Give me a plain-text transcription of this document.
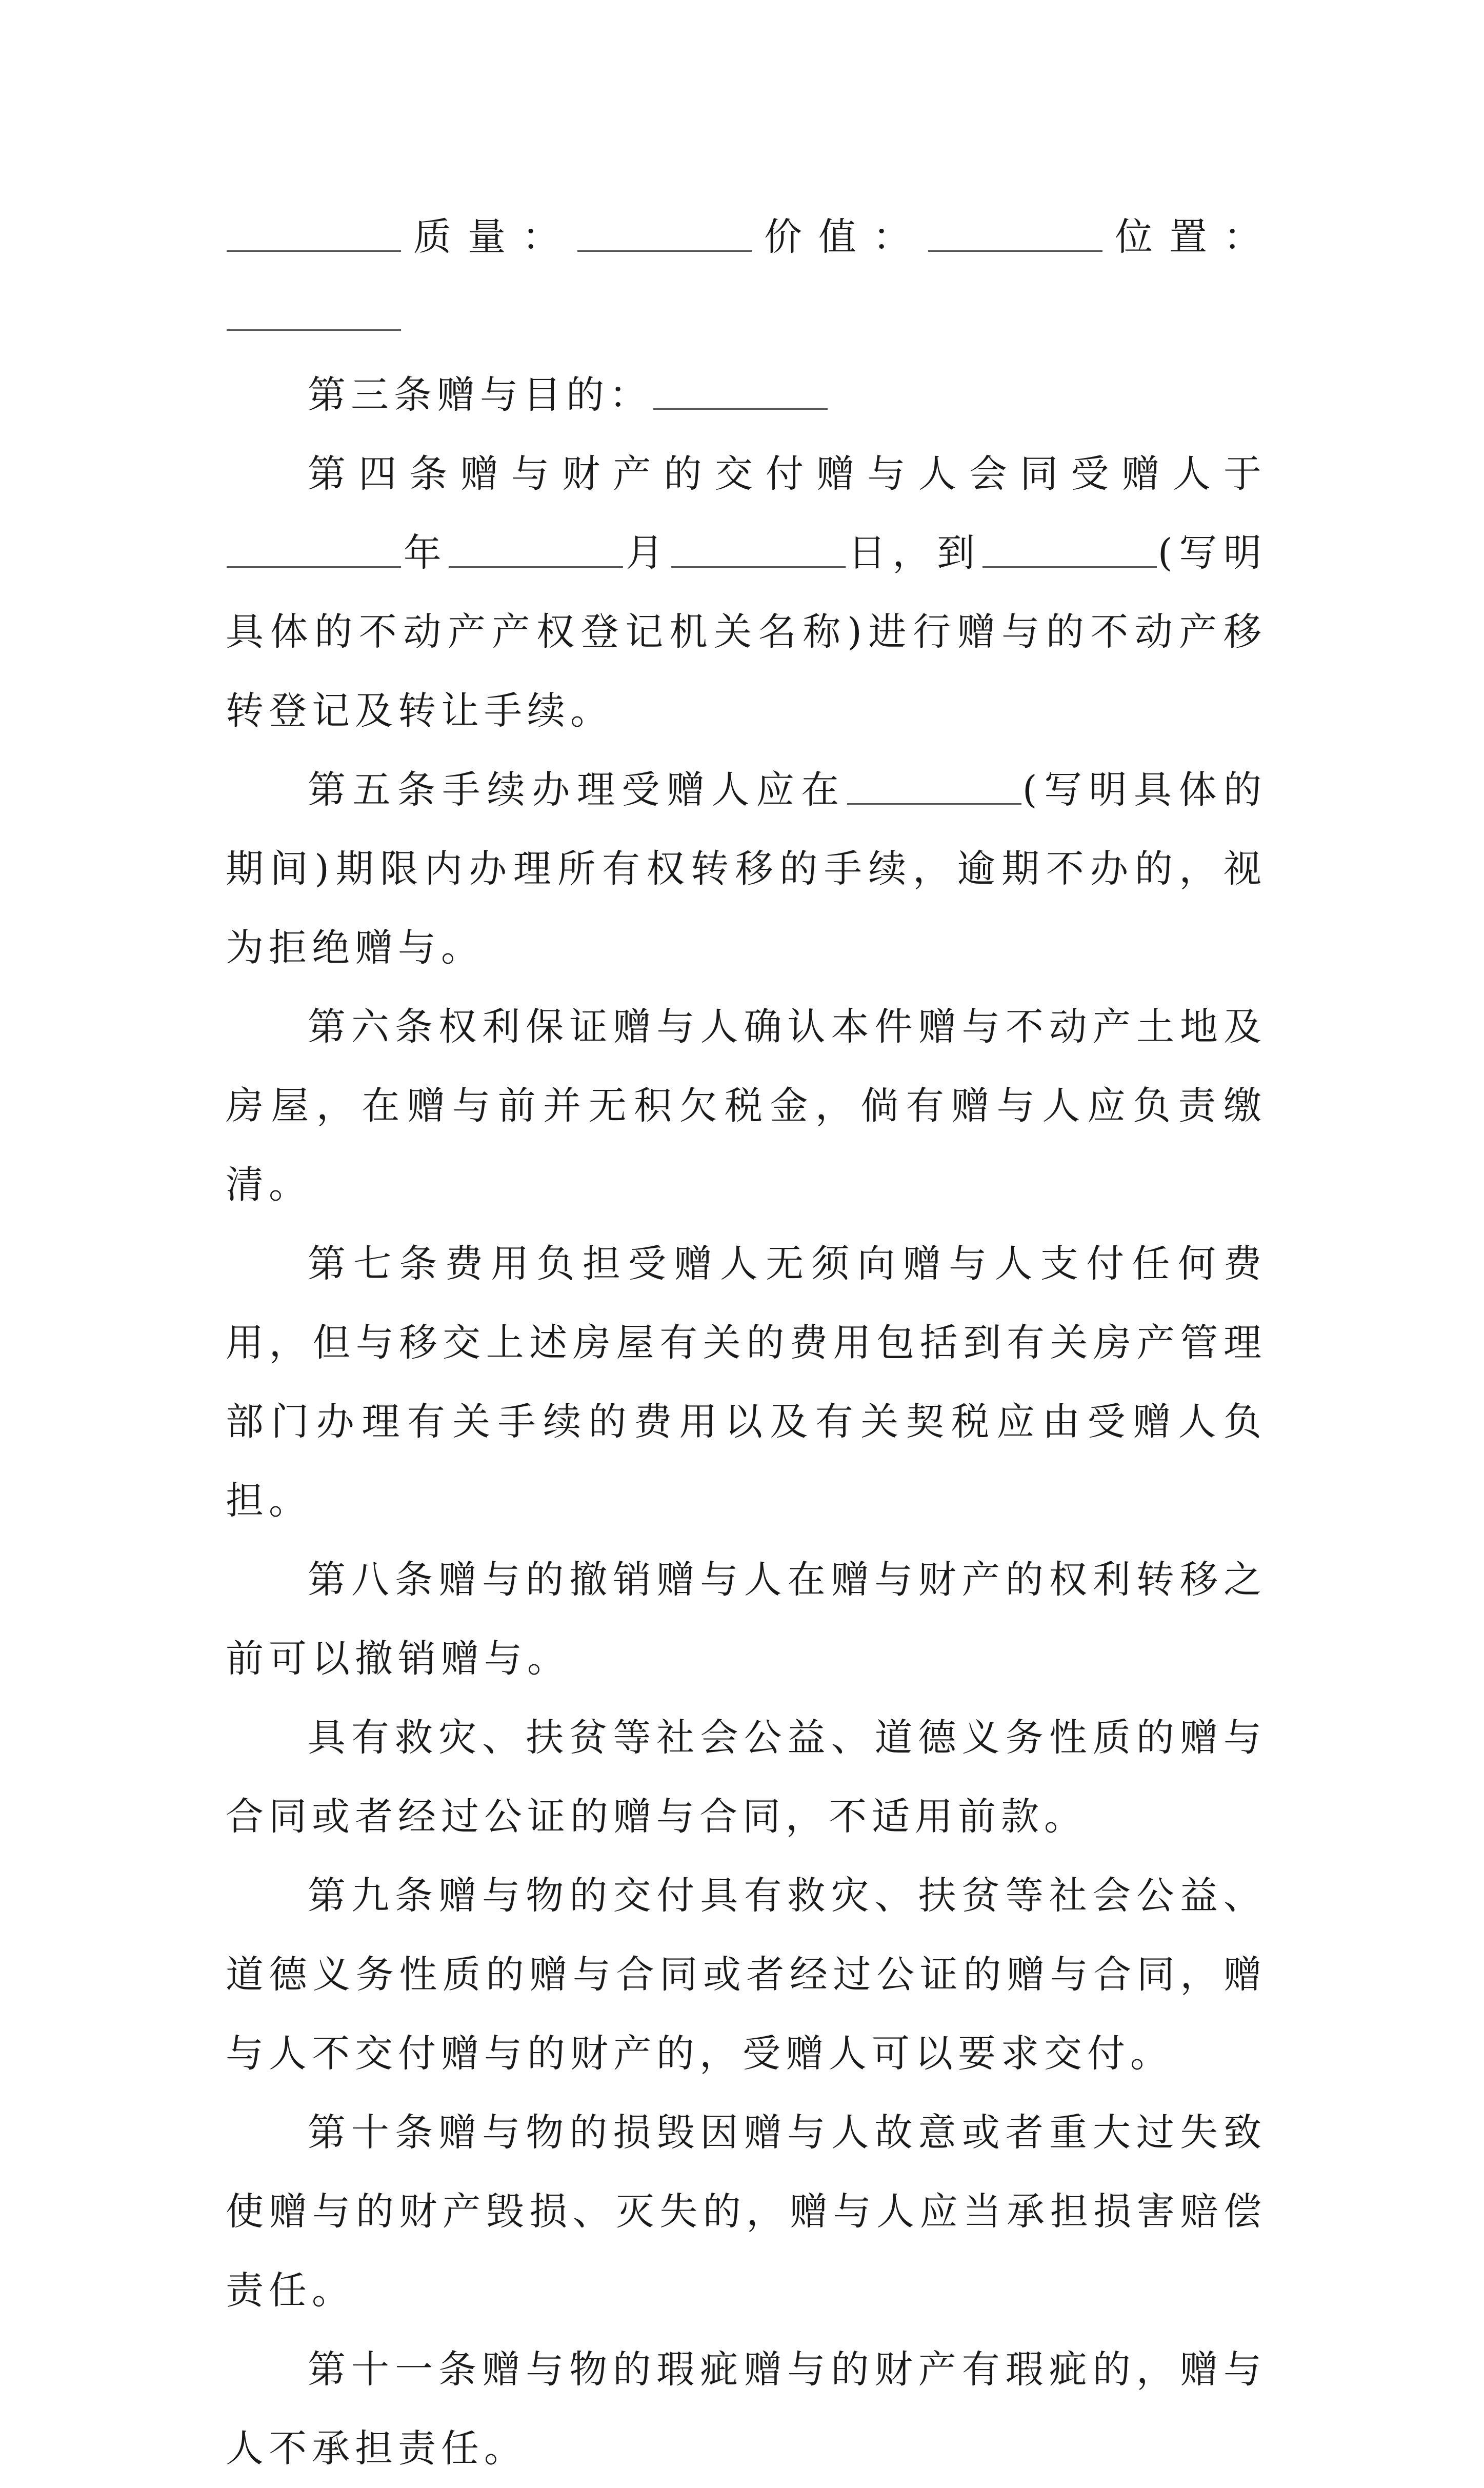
质量：	价值：	位置：

第三条赠与目的：

第四条赠与财产的交付赠与人会同受赠人于年	月	日，到	(写明具体的不动产产权登记机关名称)进行赠与的不动产移转登记及转让手续。

第五条手续办理受赠人应在	(写明具体的期间)期限内办理所有权转移的手续，逾期不办的，视为拒绝赠与。

第六条权利保证赠与人确认本件赠与不动产土地及房屋，在赠与前并无积欠税金，倘有赠与人应负责缴清。

第七条费用负担受赠人无须向赠与人支付任何费用，但与移交上述房屋有关的费用包括到有关房产管理部门办理有关手续的费用以及有关契税应由受赠人负担。

第八条赠与的撤销赠与人在赠与财产的权利转移之前可以撤销赠与。

具有救灾、扶贫等社会公益、道德义务性质的赠与合同或者经过公证的赠与合同，不适用前款。

第九条赠与物的交付具有救灾、扶贫等社会公益、道德义务性质的赠与合同或者经过公证的赠与合同，赠与人不交付赠与的财产的，受赠人可以要求交付。

第十条赠与物的损毁因赠与人故意或者重大过失致使赠与的财产毁损、灭失的，赠与人应当承担损害赔偿责任。

第十一条赠与物的瑕疵赠与的财产有瑕疵的，赠与人不承担责任。
